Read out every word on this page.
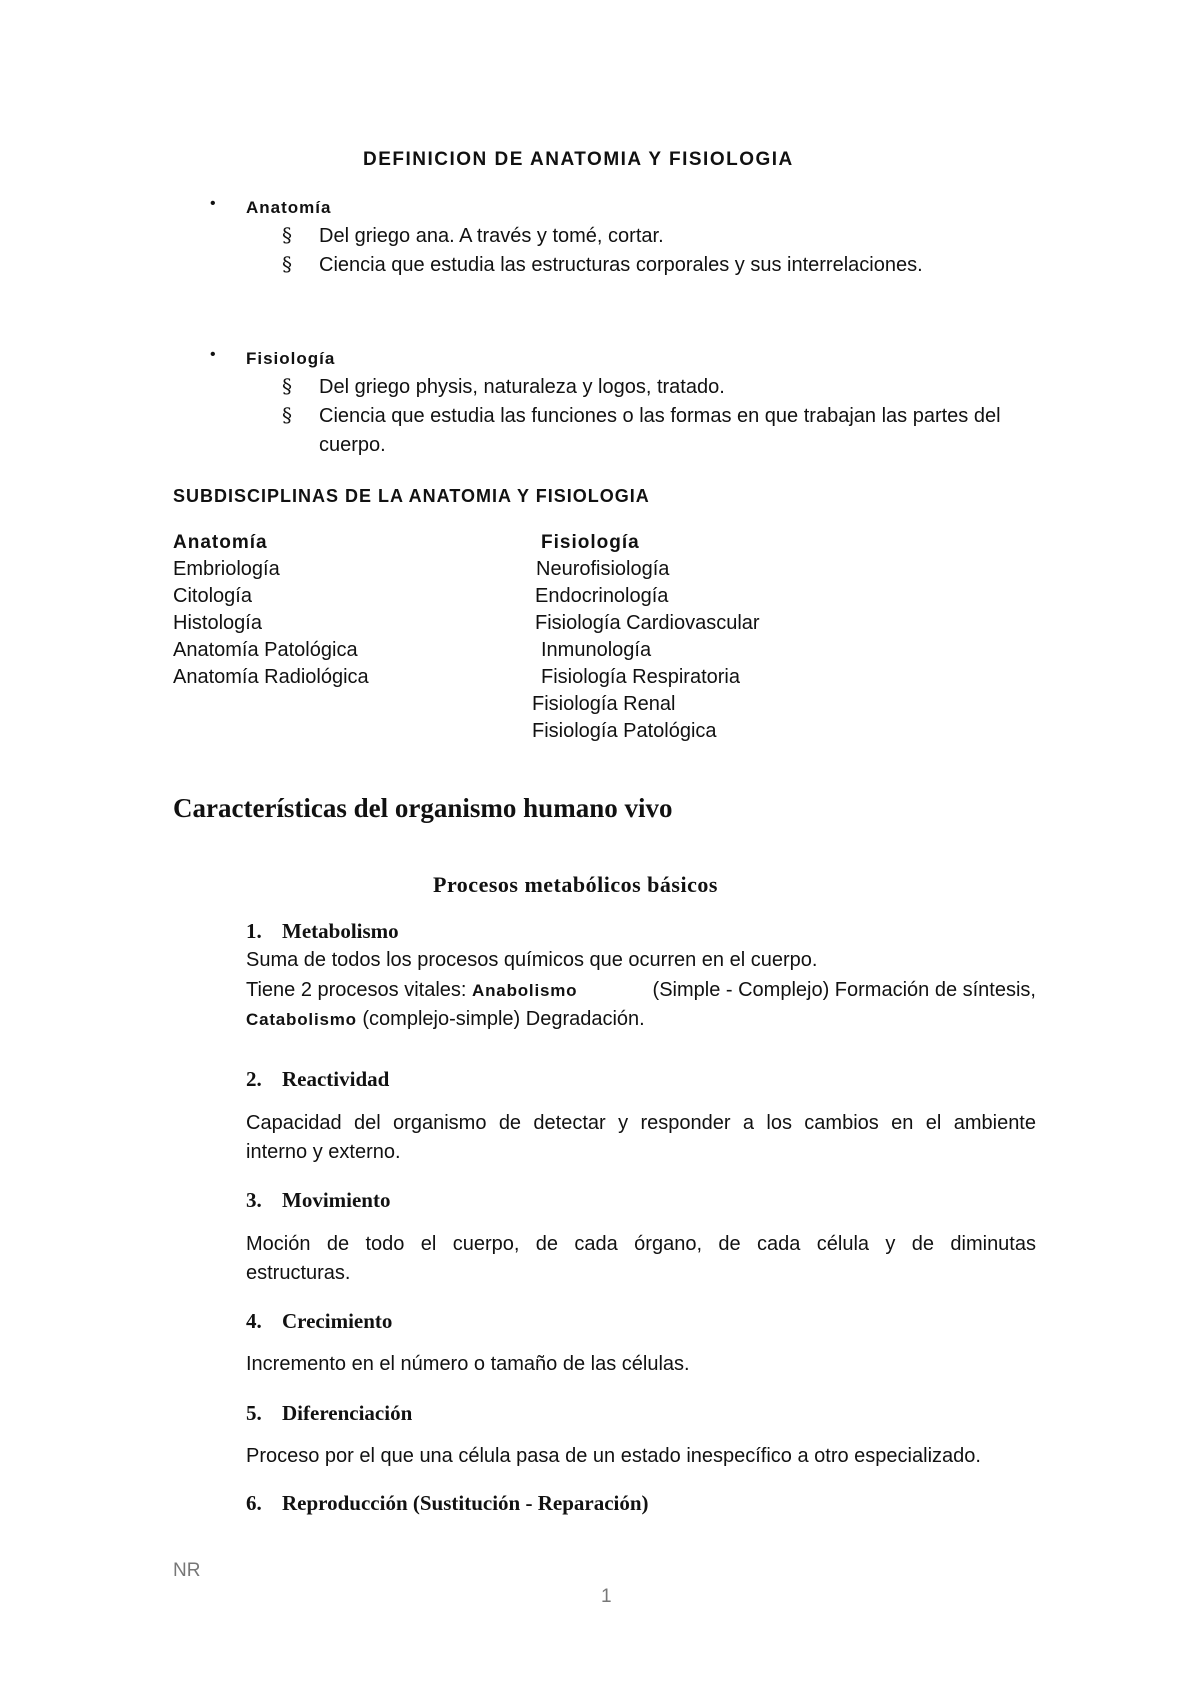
DEFINICION DE ANATOMIA Y FISIOLOGIA
• Anatomía
§ Del griego ana. A través y tomé, cortar.
§ Ciencia que estudia las estructuras corporales y sus interrelaciones.
• Fisiología
§ Del griego physis, naturaleza y logos, tratado.
§ Ciencia que estudia las funciones o las formas en que trabajan las partes del
cuerpo.
SUBDISCIPLINAS DE LA ANATOMIA Y FISIOLOGIA
Anatomía
Embriología
Citología
Histología
Anatomía Patológica
Anatomía Radiológica
Fisiología
Neurofisiología
Endocrinología
Fisiología Cardiovascular
Inmunología
Fisiología Respiratoria
Fisiología Renal
Fisiología Patológica
Características del organismo humano vivo
Procesos metabólicos básicos
1. Metabolismo
Suma de todos los procesos químicos que ocurren en el cuerpo.
Tiene 2 procesos vitales: Anabolismo	(Simple - Complejo) Formación de síntesis,
Catabolismo (complejo-simple) Degradación.
2. Reactividad
Capacidad del organismo de detectar y responder a los cambios en el ambiente
interno y externo.
3. Movimiento
Moción de todo el cuerpo, de cada órgano, de cada célula y de diminutas
estructuras.
4. Crecimiento
Incremento en el número o tamaño de las células.
5. Diferenciación
Proceso por el que una célula pasa de un estado inespecífico a otro especializado.
6. Reproducción (Sustitución - Reparación)
NR
1
